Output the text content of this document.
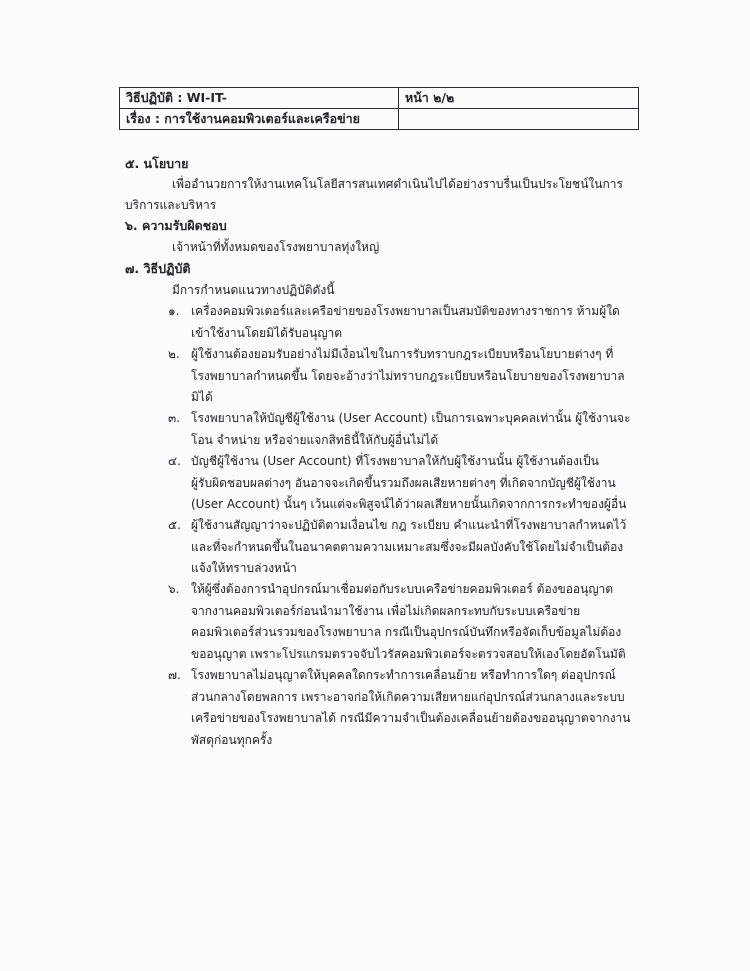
วิธีปฏิบัติ : WI-IT-	หน้า ๒/๒
เรื่อง : การใช้งานคอมพิวเตอร์และเครือข่าย	
๕. นโยบาย
เพื่ออำนวยการให้งานเทคโนโลยีสารสนเทศดำเนินไปได้อย่างราบรื่นเป็นประโยชน์ในการ
บริการและบริหาร
๖. ความรับผิดชอบ
เจ้าหน้าที่ทั้งหมดของโรงพยาบาลทุ่งใหญ่
๗. วิธีปฏิบัติ
มีการกำหนดแนวทางปฏิบัติดังนี้
๑. เครื่องคอมพิวเตอร์และเครือข่ายของโรงพยาบาลเป็นสมบัติของทางราชการ ห้ามผู้ใด
เข้าใช้งานโดยมิได้รับอนุญาต
๒. ผู้ใช้งานต้องยอมรับอย่างไม่มีเงื่อนไขในการรับทราบกฎระเบียบหรือนโยบายต่างๆ ที่
โรงพยาบาลกำหนดขึ้น โดยจะอ้างว่าไม่ทราบกฎระเบียบหรือนโยบายของโรงพยาบาล
มิได้
๓. โรงพยาบาลให้บัญชีผู้ใช้งาน (User Account) เป็นการเฉพาะบุคคลเท่านั้น ผู้ใช้งานจะ
โอน จำหน่าย หรือจ่ายแจกสิทธินี้ให้กับผู้อื่นไม่ได้
๔. บัญชีผู้ใช้งาน (User Account) ที่โรงพยาบาลให้กับผู้ใช้งานนั้น ผู้ใช้งานต้องเป็น
ผู้รับผิดชอบผลต่างๆ อันอาจจะเกิดขึ้นรวมถึงผลเสียหายต่างๆ ที่เกิดจากบัญชีผู้ใช้งาน
(User Account) นั้นๆ เว้นแต่จะพิสูจน์ได้ว่าผลเสียหายนั้นเกิดจากการกระทำของผู้อื่น
๕. ผู้ใช้งานสัญญาว่าจะปฏิบัติตามเงื่อนไข กฎ ระเบียบ คำแนะนำที่โรงพยาบาลกำหนดไว้
และที่จะกำหนดขึ้นในอนาคตตามความเหมาะสมซึ่งจะมีผลบังคับใช้โดยไม่จำเป็นต้อง
แจ้งให้ทราบล่วงหน้า
๖. ให้ผู้ซึ่งต้องการนำอุปกรณ์มาเชื่อมต่อกับระบบเครือข่ายคอมพิวเตอร์ ต้องขออนุญาต
จากงานคอมพิวเตอร์ก่อนนำมาใช้งาน เพื่อไม่เกิดผลกระทบกับระบบเครือข่าย
คอมพิวเตอร์ส่วนรวมของโรงพยาบาล กรณีเป็นอุปกรณ์บันทึกหรือจัดเก็บข้อมูลไม่ต้อง
ขออนุญาต เพราะโปรแกรมตรวจจับไวรัสคอมพิวเตอร์จะตรวจสอบให้เองโดยอัตโนมัติ
๗. โรงพยาบาลไม่อนุญาตให้บุคคลใดกระทำการเคลื่อนย้าย หรือทำการใดๆ ต่ออุปกรณ์
ส่วนกลางโดยพลการ เพราะอาจก่อให้เกิดความเสียหายแก่อุปกรณ์ส่วนกลางและระบบ
เครือข่ายของโรงพยาบาลได้ กรณีมีความจำเป็นต้องเคลื่อนย้ายต้องขออนุญาตจากงาน
พัสดุก่อนทุกครั้ง
